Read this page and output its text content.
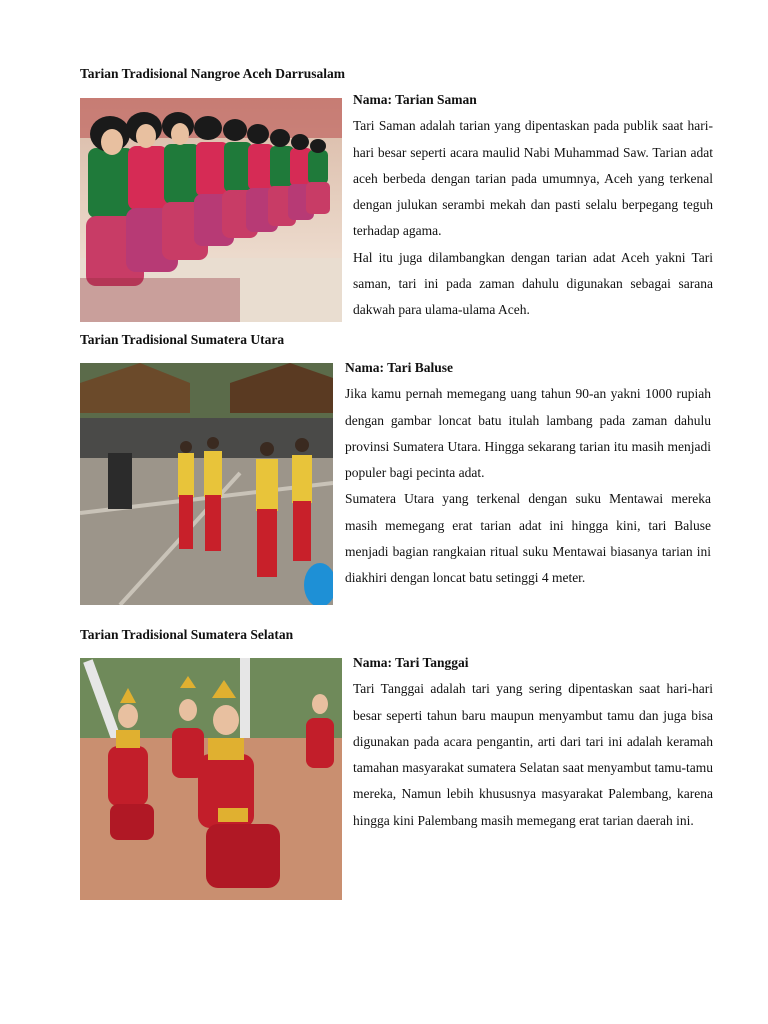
Tarian Tradisional Nangroe Aceh Darrusalam

Nama: Tarian Saman

Tari Saman adalah tarian yang dipentaskan pada publik saat hari-hari besar seperti acara maulid Nabi Muhammad Saw. Tarian adat aceh berbeda dengan tarian pada umumnya, Aceh yang terkenal dengan julukan serambi mekah dan pasti selalu berpegang teguh terhadap agama.

Hal itu juga dilambangkan dengan tarian adat Aceh yakni Tari saman, tari ini pada zaman dahulu digunakan sebagai sarana dakwah para ulama-ulama Aceh.

Tarian Tradisional Sumatera Utara

Nama: Tari Baluse

Jika kamu pernah memegang uang tahun 90-an yakni 1000 rupiah dengan gambar loncat batu itulah lambang pada zaman dahulu provinsi Sumatera Utara. Hingga sekarang tarian itu masih menjadi populer bagi pecinta adat.

Sumatera Utara yang terkenal dengan suku Mentawai mereka masih memegang erat tarian adat ini hingga kini, tari Baluse menjadi bagian rangkaian ritual suku Mentawai biasanya tarian ini diakhiri dengan loncat batu setinggi 4 meter.

Tarian Tradisional Sumatera Selatan

Nama: Tari Tanggai

Tari Tanggai adalah tari yang sering dipentaskan saat hari-hari besar seperti tahun baru maupun menyambut tamu dan juga bisa digunakan pada acara pengantin, arti dari tari ini adalah keramah tamahan masyarakat sumatera Selatan saat menyambut tamu-tamu mereka, Namun lebih khususnya masyarakat Palembang, karena hingga kini Palembang masih memegang erat tarian daerah ini.
